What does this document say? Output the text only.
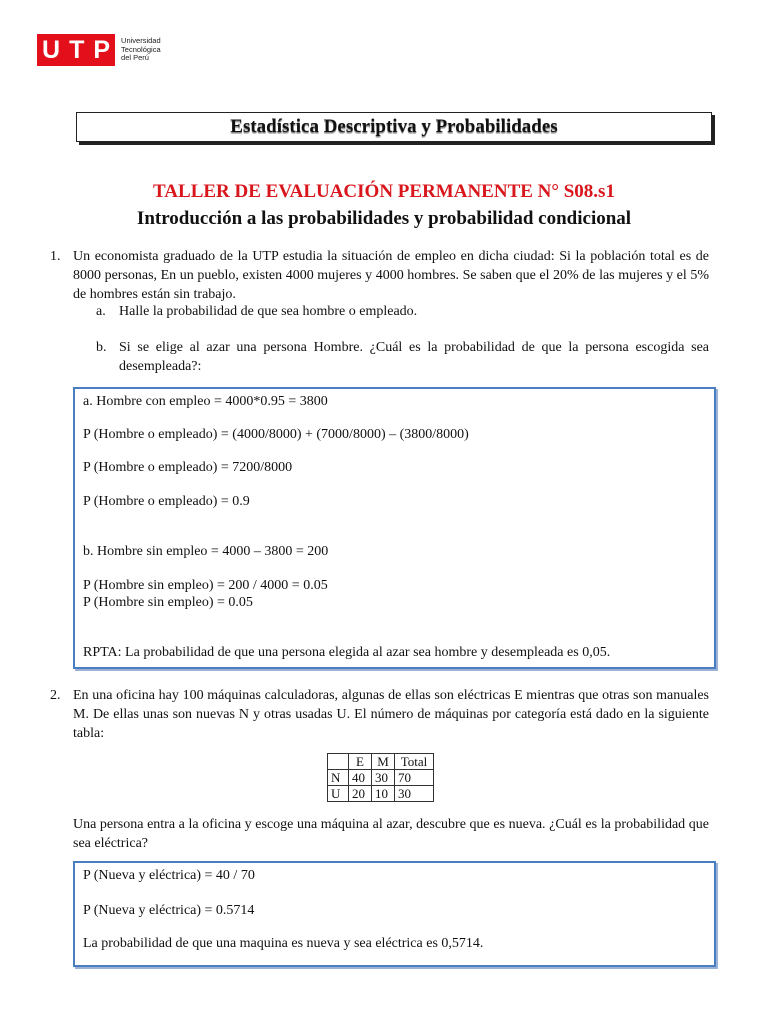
U T P Universidad
Tecnológica
del Perú
Estadística Descriptiva y Probabilidades
TALLER DE EVALUACIÓN PERMANENTE N° S08.s1
Introducción a las probabilidades y probabilidad condicional
1. Un economista graduado de la UTP estudia la situación de empleo en dicha ciudad: Si la población total es de 8000 personas, En un pueblo, existen 4000 mujeres y 4000 hombres. Se saben que el 20% de las mujeres y el 5% de hombres están sin trabajo.
a. Halle la probabilidad de que sea hombre o empleado.
b. Si se elige al azar una persona Hombre. ¿Cuál es la probabilidad de que la persona escogida sea desempleada?:
a. Hombre con empleo = 4000*0.95 = 3800
P (Hombre o empleado) = (4000/8000) + (7000/8000) – (3800/8000)
P (Hombre o empleado) = 7200/8000
P (Hombre o empleado) = 0.9
b. Hombre sin empleo = 4000 – 3800 = 200
P (Hombre sin empleo) = 200 / 4000 = 0.05
P (Hombre sin empleo) = 0.05
RPTA: La probabilidad de que una persona elegida al azar sea hombre y desempleada es 0,05.
2. En una oficina hay 100 máquinas calculadoras, algunas de ellas son eléctricas E mientras que otras son manuales M. De ellas unas son nuevas N y otras usadas U. El número de máquinas por categoría está dado en la siguiente tabla:
	E	M	Total
N	40	30	70
U	20	10	30
Una persona entra a la oficina y escoge una máquina al azar, descubre que es nueva. ¿Cuál es la probabilidad que sea eléctrica?
P (Nueva y eléctrica) = 40 / 70
P (Nueva y eléctrica) = 0.5714
La probabilidad de que una maquina es nueva y sea eléctrica es 0,5714.
